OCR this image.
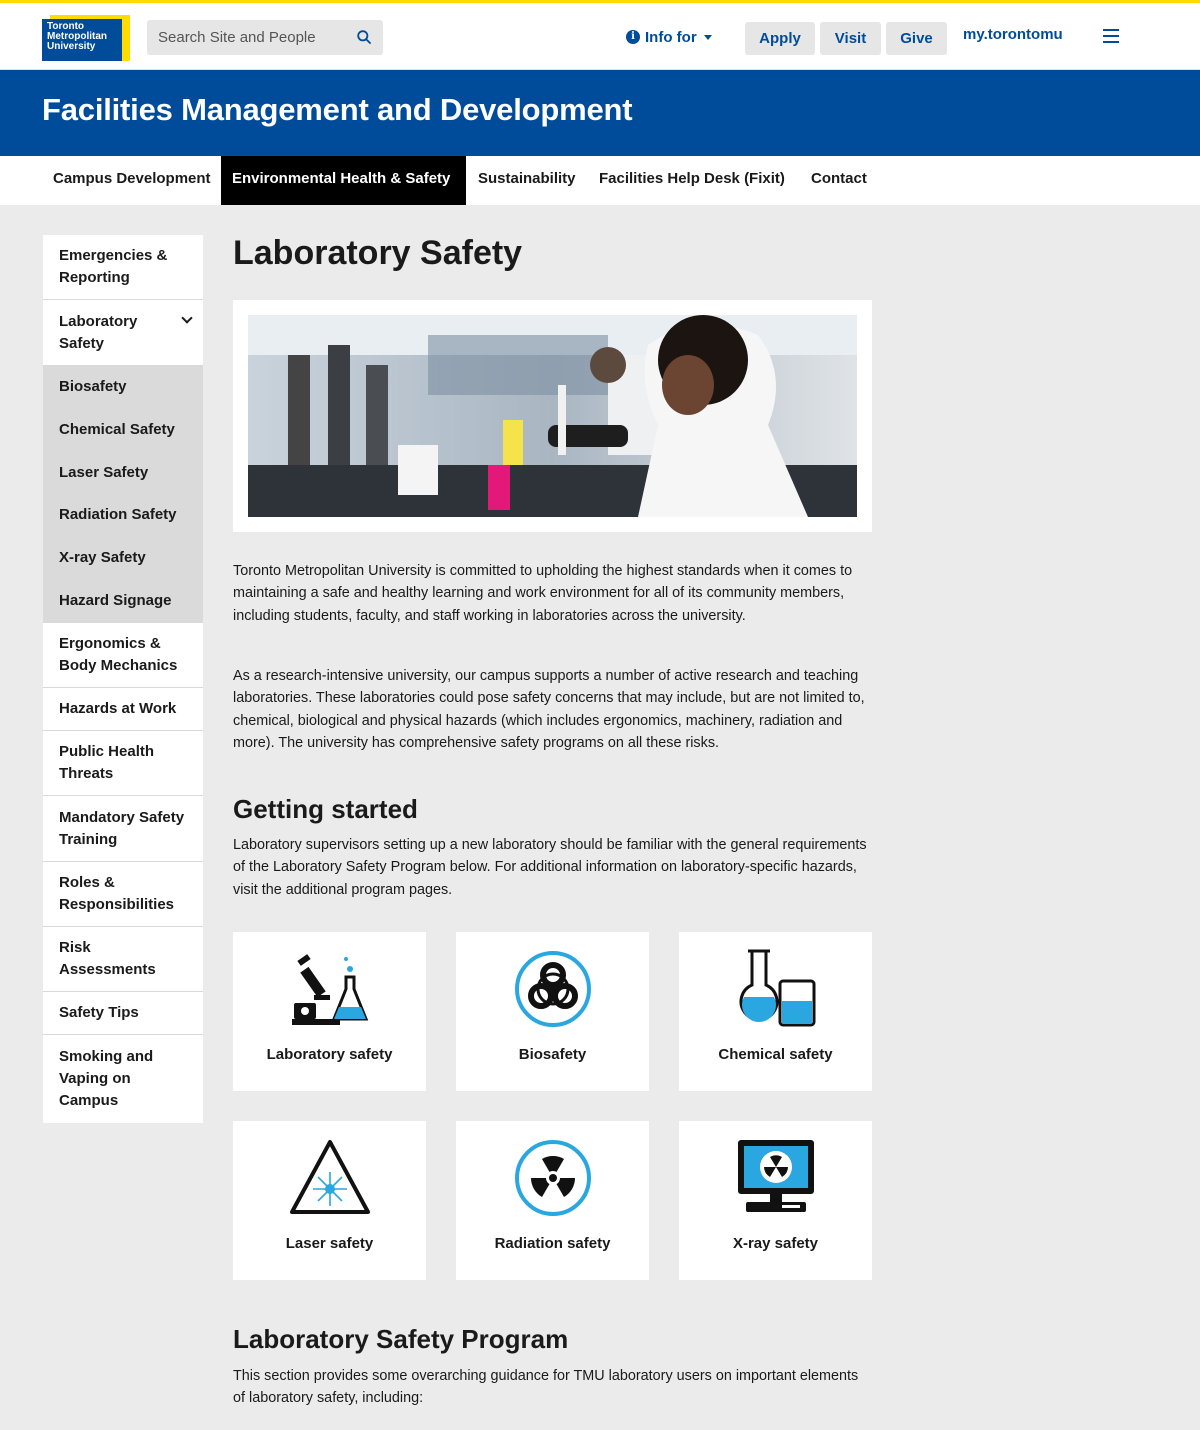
Toronto
Metropolitan
University
Search Site and People
i Info for	Apply	Visit	Give	my.torontomu
Facilities Management and Development
Campus Development	Environmental Health & Safety	Sustainability	Facilities Help Desk (Fixit)	Contact
Emergencies & Reporting
Laboratory Safety
Biosafety
Chemical Safety
Laser Safety
Radiation Safety
X-ray Safety
Hazard Signage
Ergonomics & Body Mechanics
Hazards at Work
Public Health Threats
Mandatory Safety Training
Roles & Responsibilities
Risk Assessments
Safety Tips
Smoking and Vaping on Campus
Laboratory Safety
Toronto Metropolitan University is committed to upholding the highest standards when it comes to maintaining a safe and healthy learning and work environment for all of its community members, including students, faculty, and staff working in laboratories across the university.
As a research-intensive university, our campus supports a number of active research and teaching laboratories. These laboratories could pose safety concerns that may include, but are not limited to, chemical, biological and physical hazards (which includes ergonomics, machinery, radiation and more). The university has comprehensive safety programs on all these risks.
Getting started
Laboratory supervisors setting up a new laboratory should be familiar with the general requirements of the Laboratory Safety Program below. For additional information on laboratory-specific hazards, visit the additional program pages.
Laboratory safety	Biosafety	Chemical safety
Laser safety	Radiation safety	X-ray safety
Laboratory Safety Program
This section provides some overarching guidance for TMU laboratory users on important elements of laboratory safety, including:
